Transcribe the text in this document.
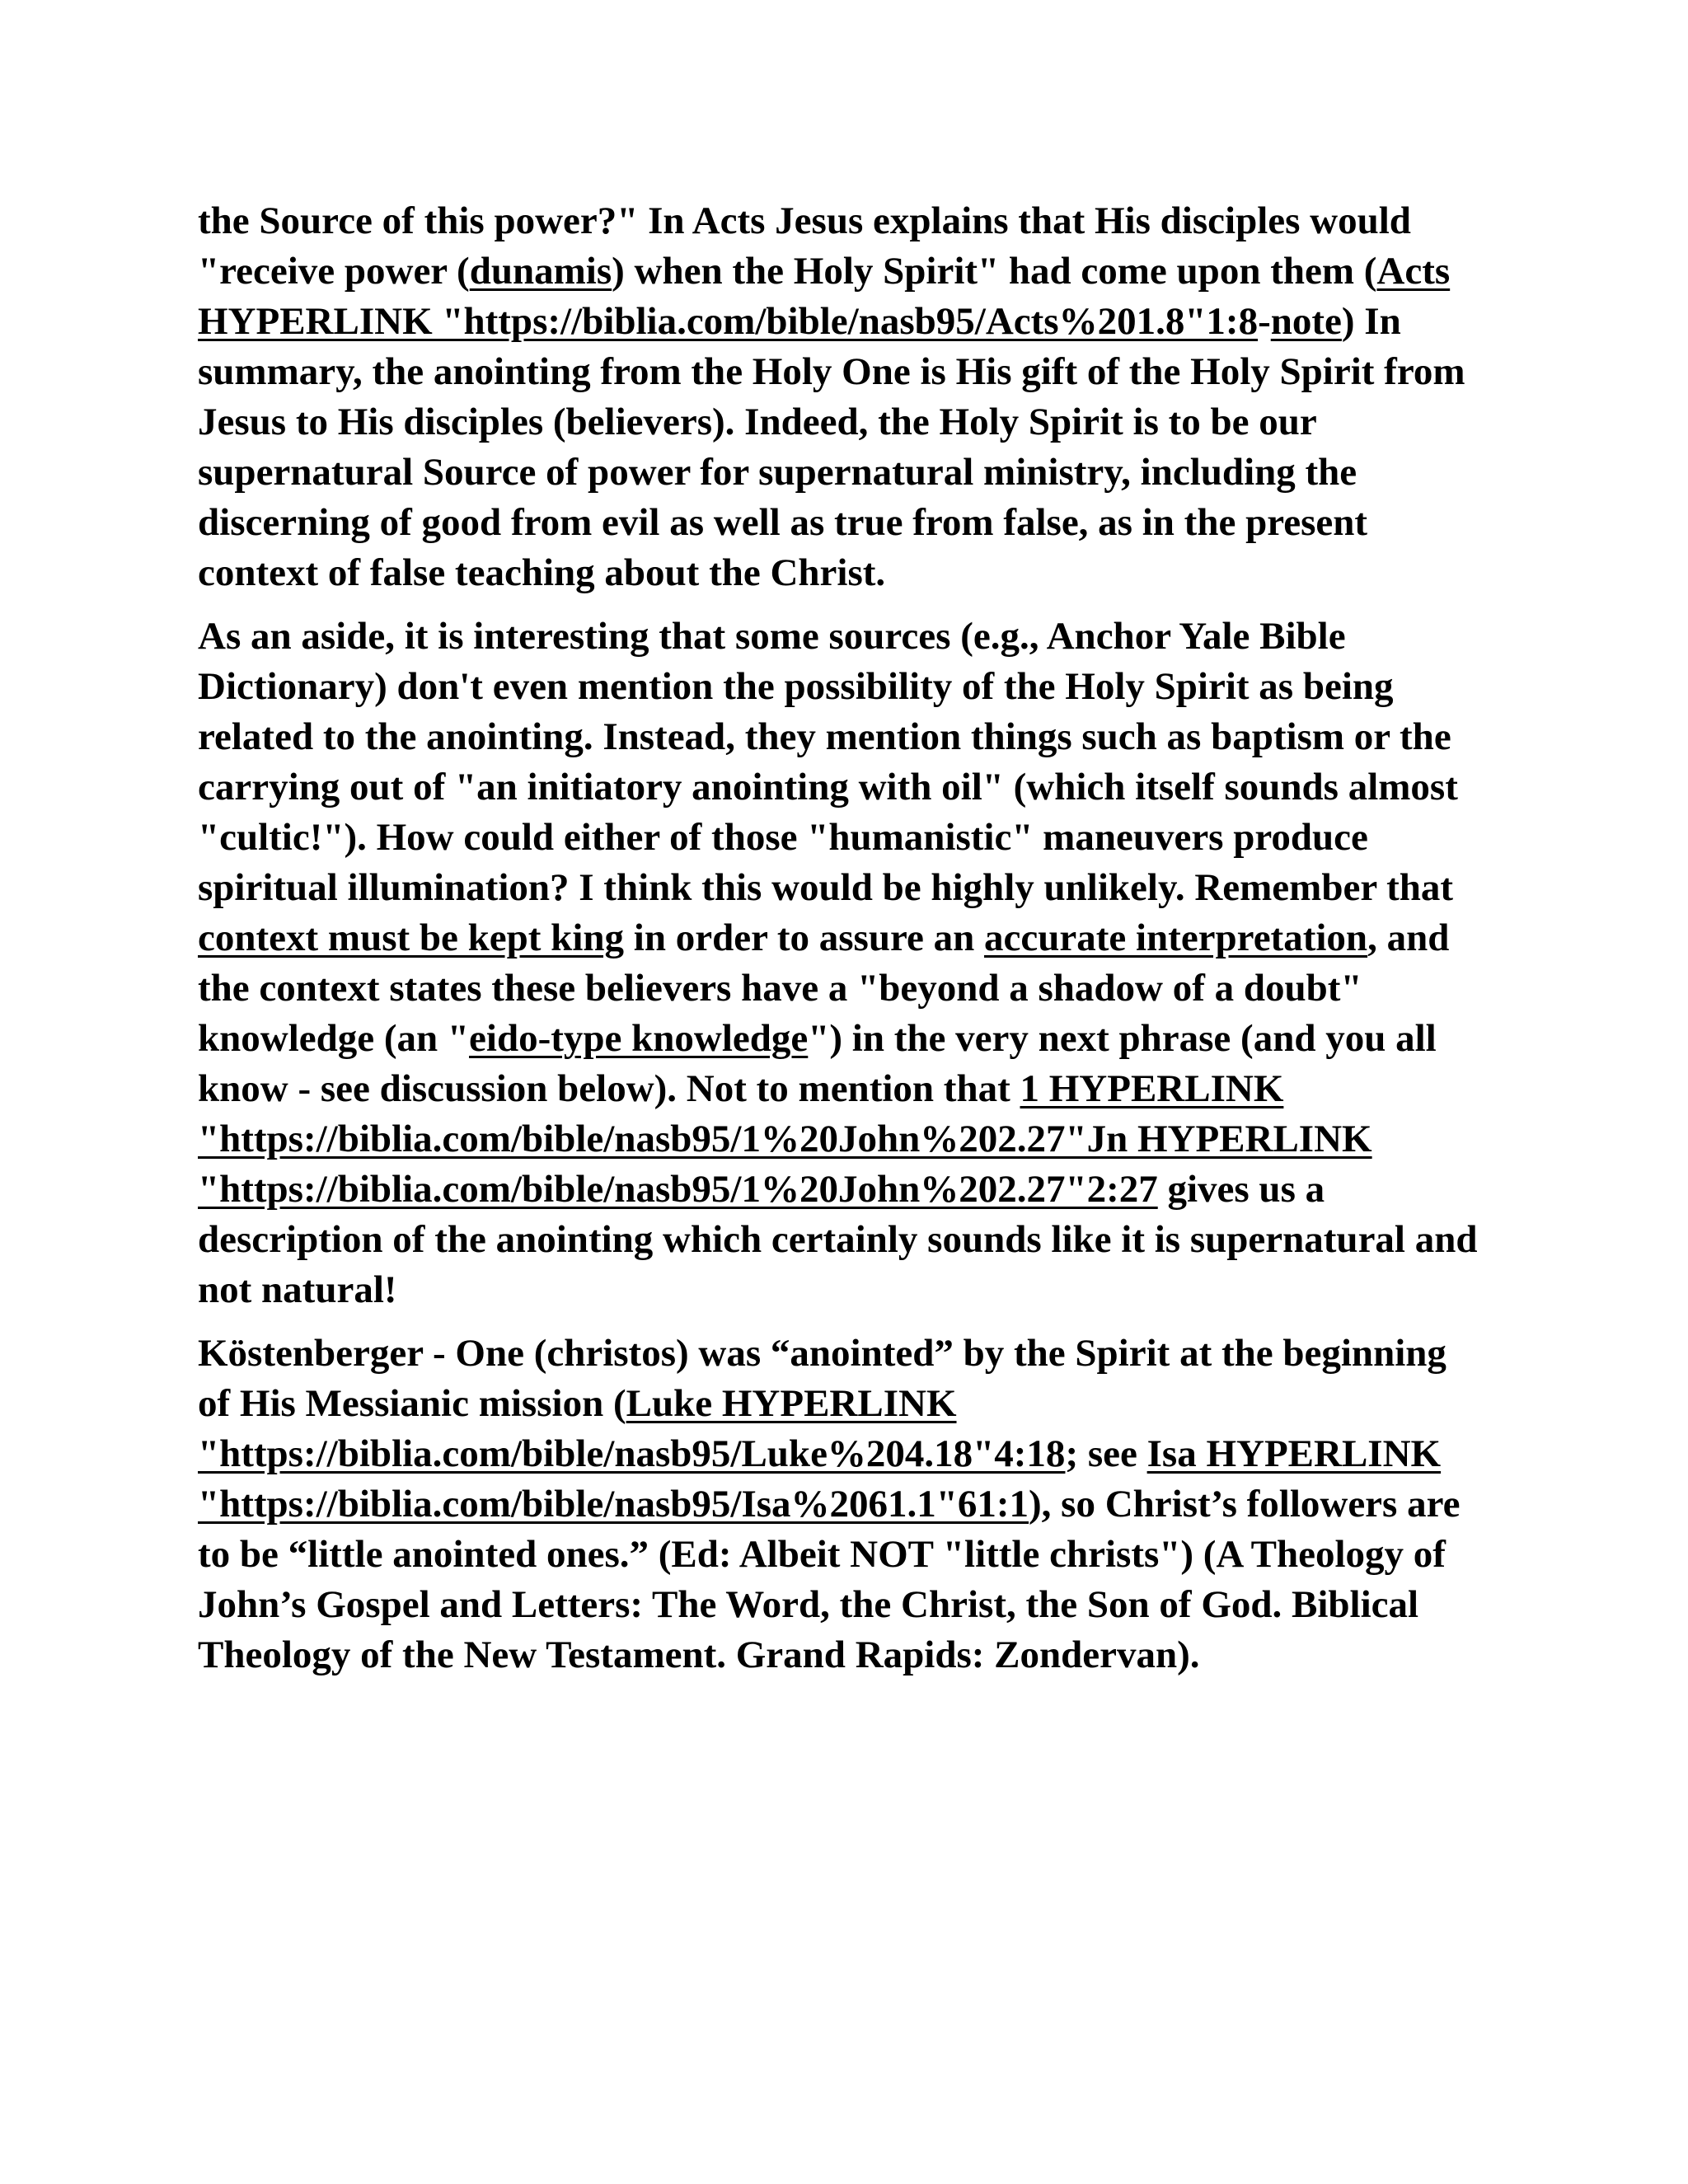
the Source of this power?" In Acts Jesus explains that His disciples would "receive power (dunamis) when the Holy Spirit" had come upon them (Acts HYPERLINK "https://biblia.com/bible/nasb95/Acts%201.8"1:8-note) In summary, the anointing from the Holy One is His gift of the Holy Spirit from Jesus to His disciples (believers). Indeed, the Holy Spirit is to be our supernatural Source of power for supernatural ministry, including the discerning of good from evil as well as true from false, as in the present context of false teaching about the Christ.

As an aside, it is interesting that some sources (e.g., Anchor Yale Bible Dictionary) don't even mention the possibility of the Holy Spirit as being related to the anointing. Instead, they mention things such as baptism or the carrying out of "an initiatory anointing with oil" (which itself sounds almost "cultic!"). How could either of those "humanistic" maneuvers produce spiritual illumination? I think this would be highly unlikely. Remember that context must be kept king in order to assure an accurate interpretation, and the context states these believers have a "beyond a shadow of a doubt" knowledge (an "eido-type knowledge") in the very next phrase (and you all know - see discussion below). Not to mention that 1 HYPERLINK "https://biblia.com/bible/nasb95/1%20John%202.27"Jn HYPERLINK "https://biblia.com/bible/nasb95/1%20John%202.27"2:27 gives us a description of the anointing which certainly sounds like it is supernatural and not natural!

Köstenberger - One (christos) was “anointed” by the Spirit at the beginning of His Messianic mission (Luke HYPERLINK "https://biblia.com/bible/nasb95/Luke%204.18"4:18; see Isa HYPERLINK "https://biblia.com/bible/nasb95/Isa%2061.1"61:1), so Christ’s followers are to be “little anointed ones.” (Ed: Albeit NOT "little christs") (A Theology of John’s Gospel and Letters: The Word, the Christ, the Son of God. Biblical Theology of the New Testament. Grand Rapids: Zondervan).
